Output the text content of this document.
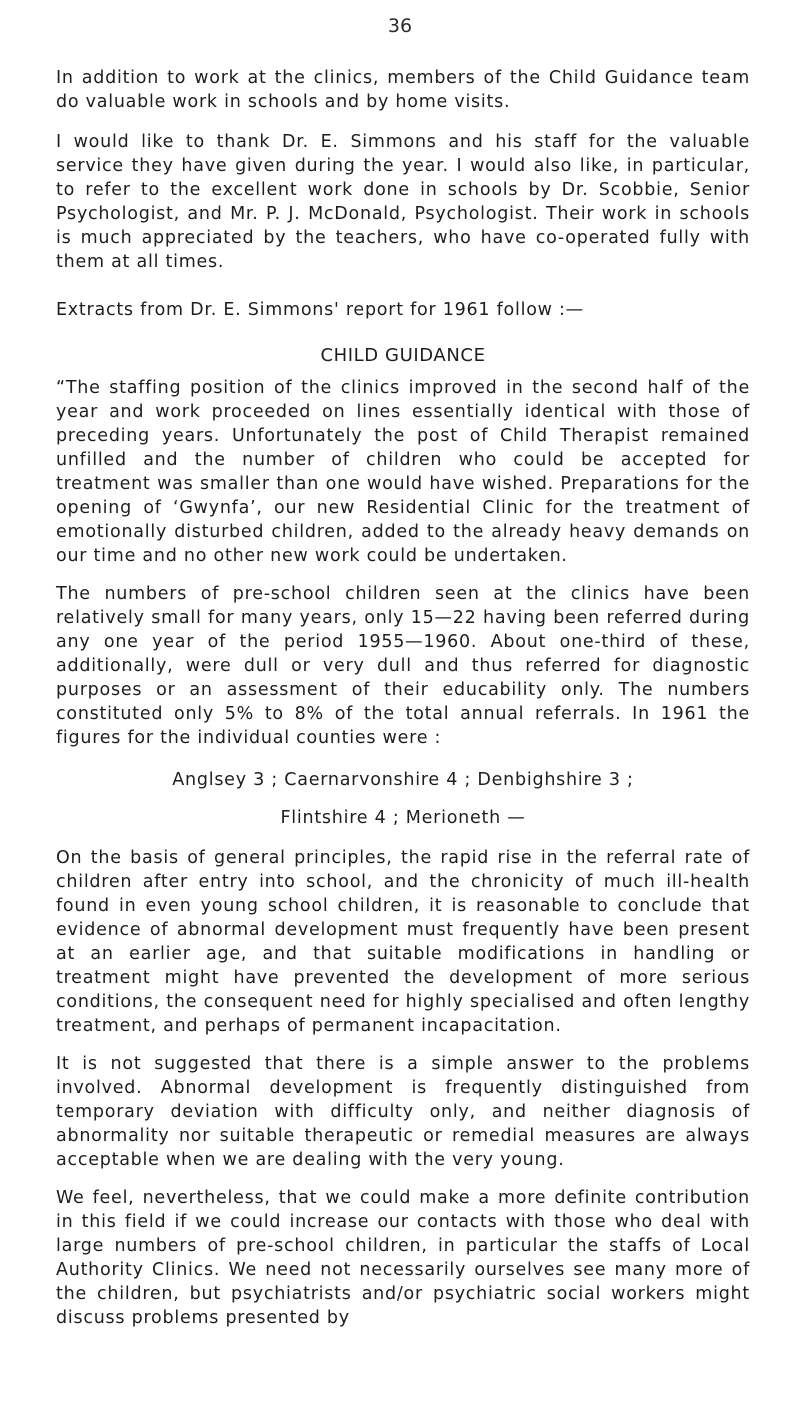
36

In addition to work at the clinics, members of the Child Guidance team do valuable work in schools and by home visits.

I would like to thank Dr. E. Simmons and his staff for the valuable service they have given during the year. I would also like, in particular, to refer to the excellent work done in schools by Dr. Scobbie, Senior Psychologist, and Mr. P. J. McDonald, Psychologist. Their work in schools is much appreciated by the teachers, who have co-operated fully with them at all times.

Extracts from Dr. E. Simmons' report for 1961 follow :—

CHILD GUIDANCE

“The staffing position of the clinics improved in the second half of the year and work proceeded on lines essentially identical with those of preceding years. Unfortunately the post of Child Therapist remained unfilled and the number of children who could be accepted for treatment was smaller than one would have wished. Preparations for the opening of ‘Gwynfa’, our new Residential Clinic for the treatment of emotionally disturbed children, added to the already heavy demands on our time and no other new work could be undertaken.

The numbers of pre-school children seen at the clinics have been relatively small for many years, only 15—22 having been referred during any one year of the period 1955—1960. About one-third of these, additionally, were dull or very dull and thus referred for diagnostic purposes or an assessment of their educability only. The numbers constituted only 5% to 8% of the total annual referrals. In 1961 the figures for the individual counties were :

Anglsey 3 ; Caernarvonshire 4 ; Denbighshire 3 ;
Flintshire 4 ; Merioneth —

On the basis of general principles, the rapid rise in the referral rate of children after entry into school, and the chronicity of much ill-health found in even young school children, it is reasonable to conclude that evidence of abnormal development must frequently have been present at an earlier age, and that suitable modifications in handling or treatment might have prevented the development of more serious conditions, the consequent need for highly specialised and often lengthy treatment, and perhaps of permanent incapacitation.

It is not suggested that there is a simple answer to the problems involved. Abnormal development is frequently distinguished from temporary deviation with difficulty only, and neither diagnosis of abnormality nor suitable therapeutic or remedial measures are always acceptable when we are dealing with the very young.

We feel, nevertheless, that we could make a more definite contribution in this field if we could increase our contacts with those who deal with large numbers of pre-school children, in particular the staffs of Local Authority Clinics. We need not necessarily ourselves see many more of the children, but psychiatrists and/or psychiatric social workers might discuss problems presented by
